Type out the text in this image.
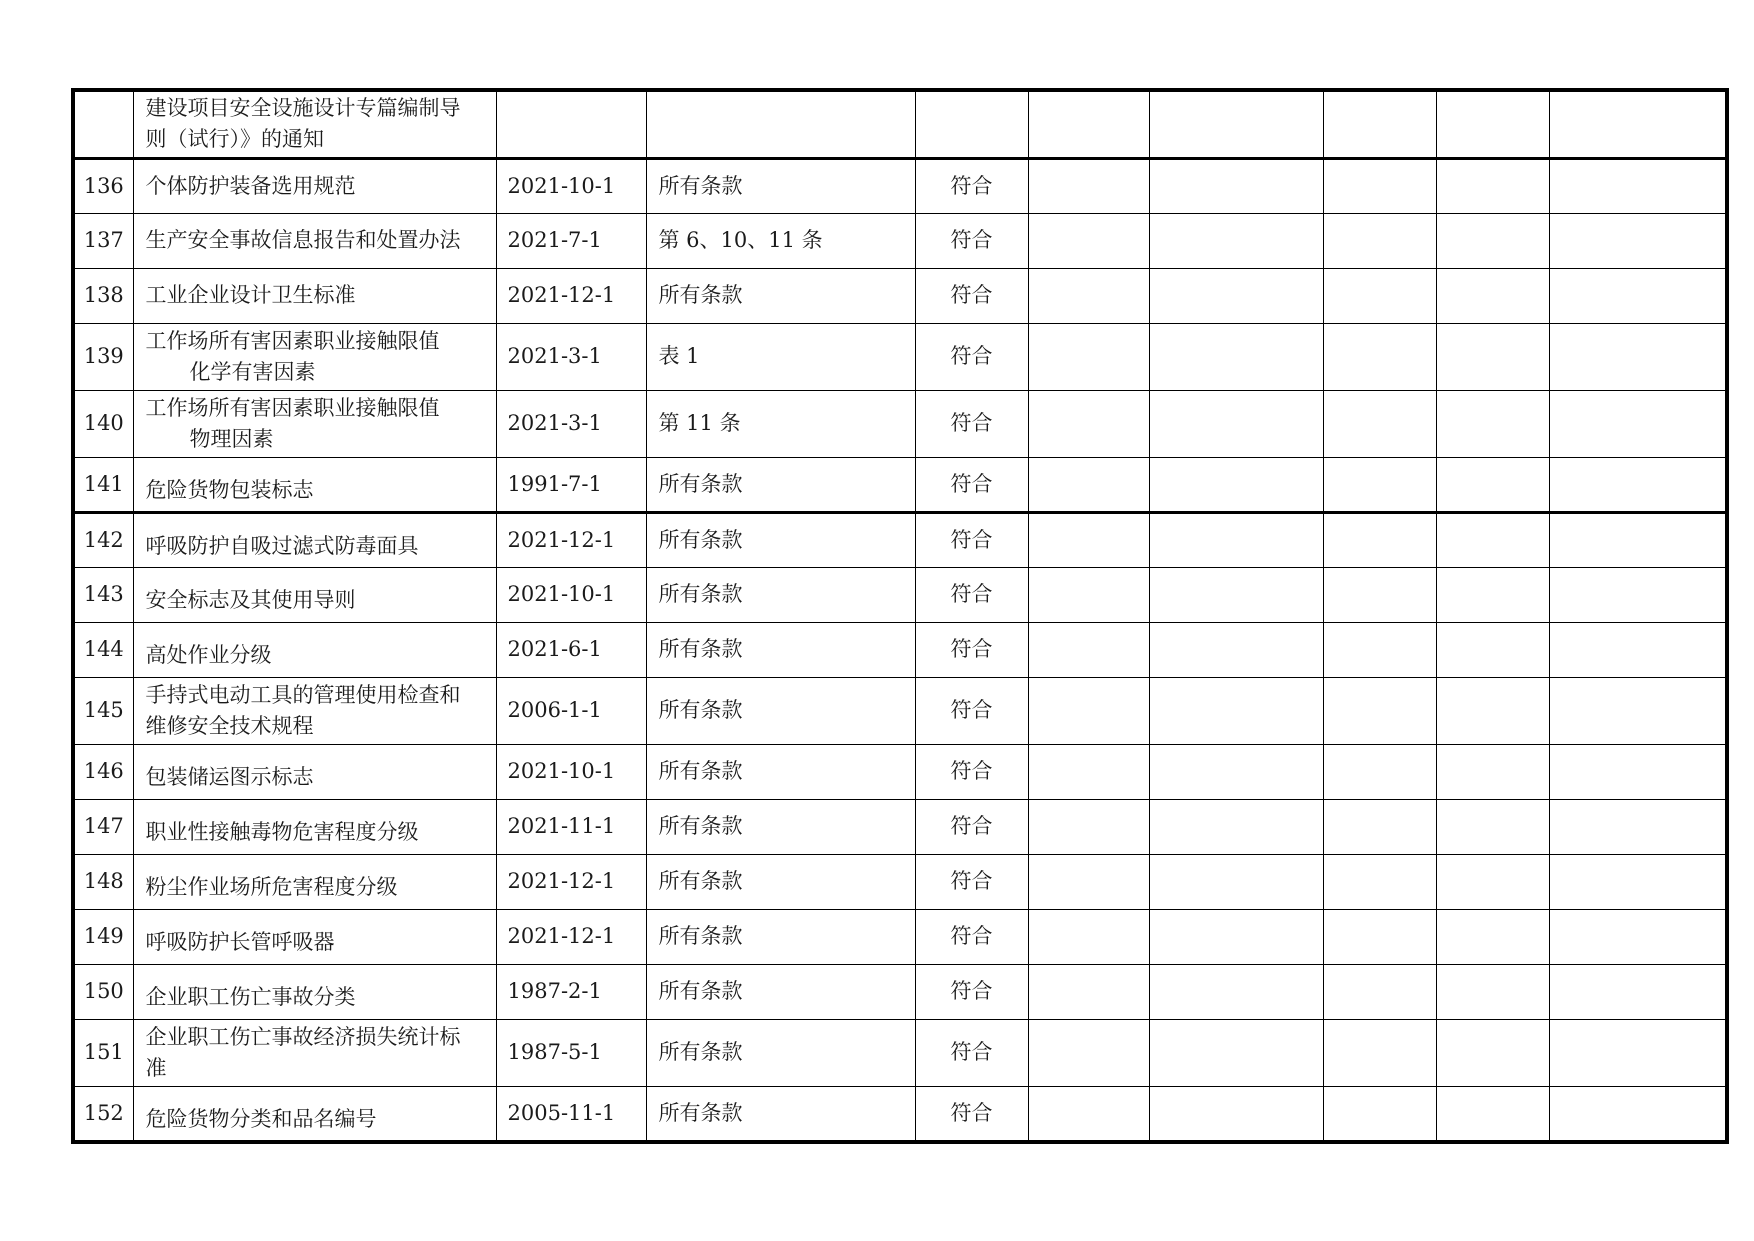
	建设项目安全设施设计专篇编制导
则（试行）》的通知								

136	个体防护装备选用规范	2021-10-1	所有条款	符合					
137	生产安全事故信息报告和处置办法	2021-7-1	第 6、10、11 条	符合					
138	工业企业设计卫生标准	2021-12-1	所有条款	符合					
139	工作场所有害因素职业接触限值
化学有害因素	2021-3-1	表 1	符合					
140	工作场所有害因素职业接触限值
物理因素	2021-3-1	第 11 条	符合					
141	危险货物包装标志	1991-7-1	所有条款	符合					
142	呼吸防护自吸过滤式防毒面具	2021-12-1	所有条款	符合					
143	安全标志及其使用导则	2021-10-1	所有条款	符合					
144	高处作业分级	2021-6-1	所有条款	符合					
145	手持式电动工具的管理使用检查和
维修安全技术规程	2006-1-1	所有条款	符合					
146	包装储运图示标志	2021-10-1	所有条款	符合					
147	职业性接触毒物危害程度分级	2021-11-1	所有条款	符合					
148	粉尘作业场所危害程度分级	2021-12-1	所有条款	符合					
149	呼吸防护长管呼吸器	2021-12-1	所有条款	符合					
150	企业职工伤亡事故分类	1987-2-1	所有条款	符合					
151	企业职工伤亡事故经济损失统计标
准	1987-5-1	所有条款	符合					
152	危险货物分类和品名编号	2005-11-1	所有条款	符合					
